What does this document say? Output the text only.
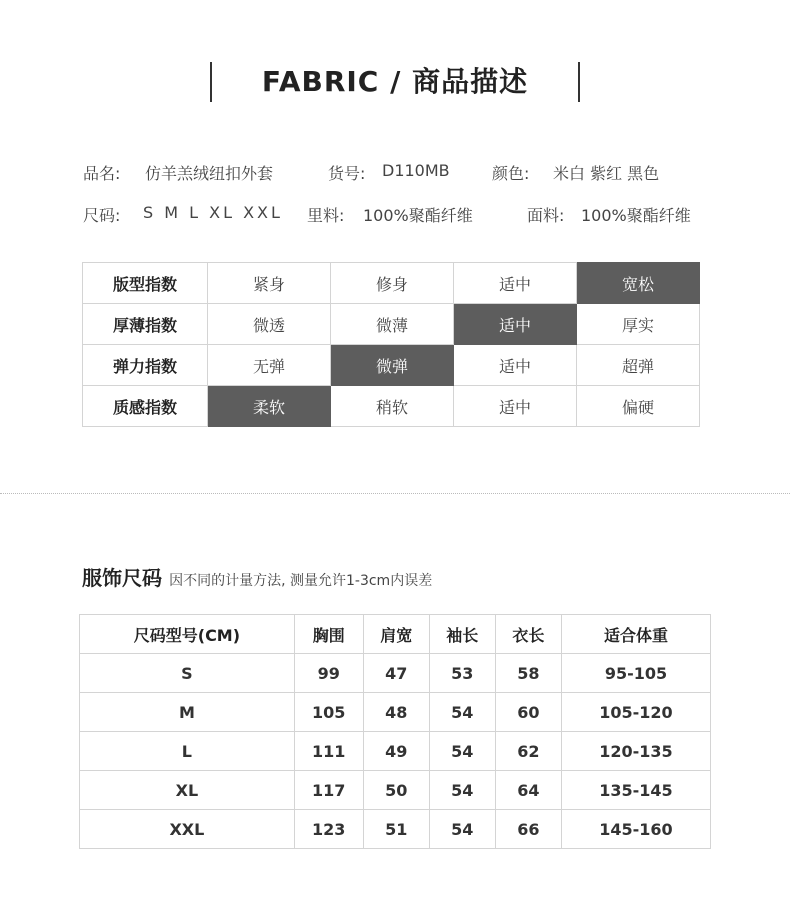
FABRIC / 商品描述
品名: 仿羊羔绒纽扣外套	货号: D110MB	颜色: 米白 紫红 黑色
尺码: S M L XL XXL 里料: 100%聚酯纤维	面料: 100%聚酯纤维
版型指数	紧身	修身	适中	宽松
厚薄指数	微透	微薄	适中	厚实
弹力指数	无弹	微弹	适中	超弹
质感指数	柔软	稍软	适中	偏硬
服饰尺码 因不同的计量方法, 测量允许1-3cm内误差
尺码型号(CM)	胸围	肩宽	袖长	衣长	适合体重
S	99	47	53	58	95-105
M	105	48	54	60	105-120
L	111	49	54	62	120-135
XL	117	50	54	64	135-145
XXL	123	51	54	66	145-160
